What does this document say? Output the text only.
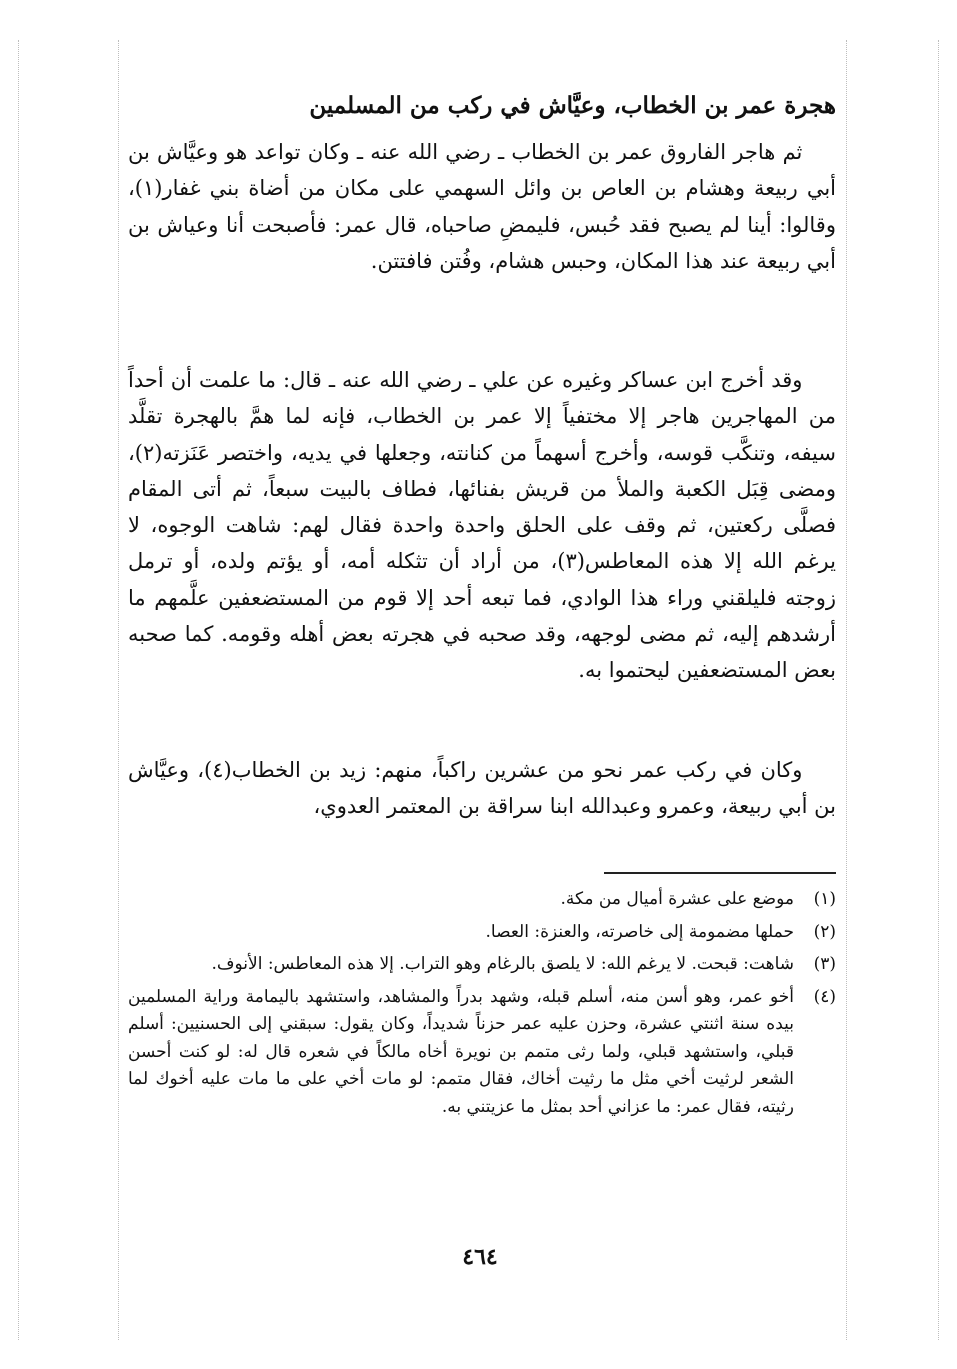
هجرة عمر بن الخطاب، وعيَّاش في ركب من المسلمين

ثم هاجر الفاروق عمر بن الخطاب ـ رضي الله عنه ـ وكان تواعد هو وعيَّاش بن أبي ربيعة وهشام بن العاص بن وائل السهمي على مكان من أضاة بني غفار(١)، وقالوا: أينا لم يصبح فقد حُبس، فليمضِ صاحباه، قال عمر: فأصبحت أنا وعياش بن أبي ربيعة عند هذا المكان، وحبس هشام، وفُتن فافتتن.

وقد أخرج ابن عساكر وغيره عن علي ـ رضي الله عنه ـ قال: ما علمت أن أحداً من المهاجرين هاجر إلا مختفياً إلا عمر بن الخطاب، فإنه لما همَّ بالهجرة تقلَّد سيفه، وتنكَّب قوسه، وأخرج أسهماً من كنانته، وجعلها في يديه، واختصر عَنَزته(٢)، ومضى قِبَل الكعبة والملأ من قريش بفنائها، فطاف بالبيت سبعاً، ثم أتى المقام فصلَّى ركعتين، ثم وقف على الحلق واحدة واحدة فقال لهم: شاهت الوجوه، لا يرغم الله إلا هذه المعاطس(٣)، من أراد أن تثكله أمه، أو يؤتم ولده، أو ترمل زوجته فليلقني وراء هذا الوادي، فما تبعه أحد إلا قوم من المستضعفين علَّمهم ما أرشدهم إليه، ثم مضى لوجهه، وقد صحبه في هجرته بعض أهله وقومه. كما صحبه بعض المستضعفين ليحتموا به.

وكان في ركب عمر نحو من عشرين راكباً، منهم: زيد بن الخطاب(٤)، وعيَّاش بن أبي ربيعة، وعمرو وعبدالله ابنا سراقة بن المعتمر العدوي،

(١)
موضع على عشرة أميال من مكة.
(٢)
حملها مضمومة إلى خاصرته، والعنزة: العصا.
(٣)
شاهت: قبحت. لا يرغم الله: لا يلصق بالرغام وهو التراب. إلا هذه المعاطس: الأنوف.
(٤)
أخو عمر، وهو أسن منه، أسلم قبله، وشهد بدراً والمشاهد، واستشهد باليمامة وراية المسلمين بيده سنة اثنتي عشرة، وحزن عليه عمر حزناً شديداً، وكان يقول: سبقني إلى الحسنيين: أسلم قبلي، واستشهد قبلي، ولما رثى متمم بن نويرة أخاه مالكاً في شعره قال له: لو كنت أحسن الشعر لرثيت أخي مثل ما رثيت أخاك، فقال متمم: لو مات أخي على ما مات عليه أخوك لما رثيته، فقال عمر: ما عزاني أحد بمثل ما عزيتني به.
٤٦٤
